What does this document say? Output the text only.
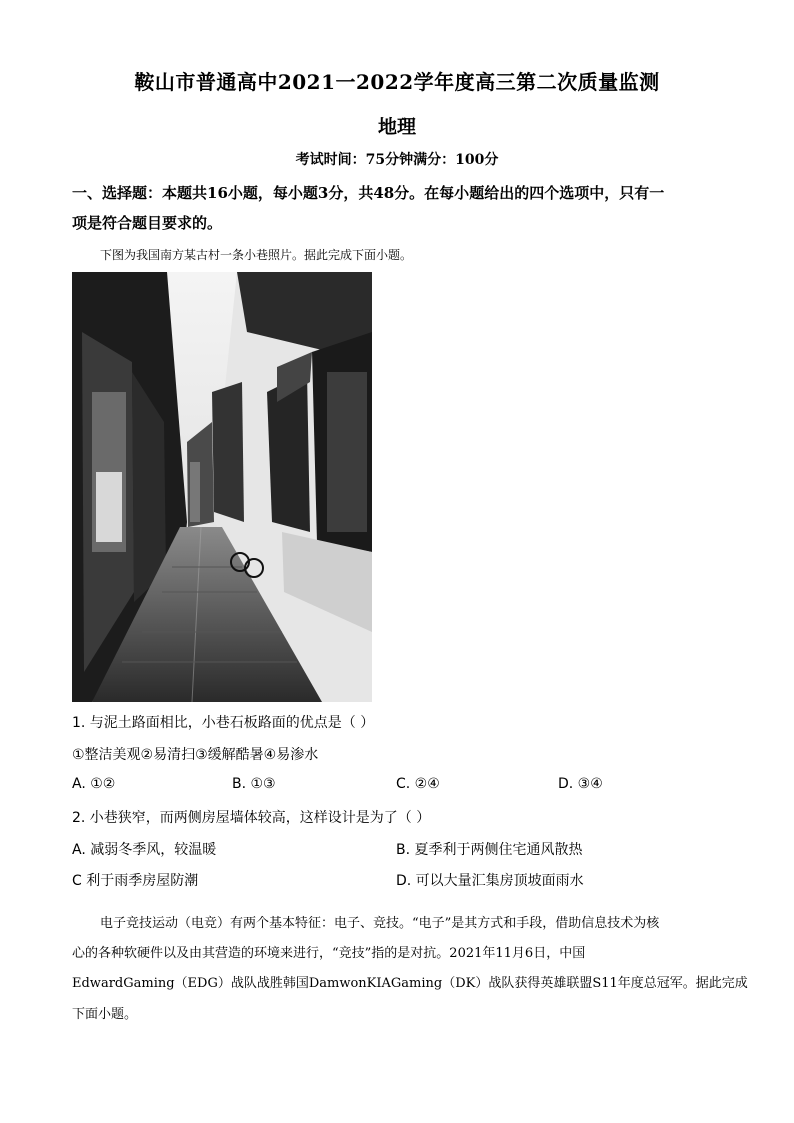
鞍山市普通高中2021一2022学年度高三第二次质量监测
地理
考试时间：75分钟满分：100分
一、选择题：本题共16小题，每小题3分，共48分。在每小题给出的四个选项中，只有一
项是符合题目要求的。
下图为我国南方某古村一条小巷照片。据此完成下面小题。
1. 与泥土路面相比，小巷石板路面的优点是（ ）
①整洁美观②易清扫③缓解酷暑④易渗水
A. ①②	B. ①③	C. ②④	D. ③④
2. 小巷狭窄，而两侧房屋墙体较高，这样设计是为了（ ）
A. 减弱冬季风，较温暖	B. 夏季利于两侧住宅通风散热
C 利于雨季房屋防潮	D. 可以大量汇集房顶坡面雨水
电子竞技运动（电竞）有两个基本特征：电子、竞技。“电子”是其方式和手段，借助信息技术为核
心的各种软硬件以及由其营造的环境来进行，“竞技”指的是对抗。2021年11月6日，中国
EdwardGaming（EDG）战队战胜韩国DamwonKIAGaming（DK）战队获得英雄联盟S11年度总冠军。据此完成
下面小题。
